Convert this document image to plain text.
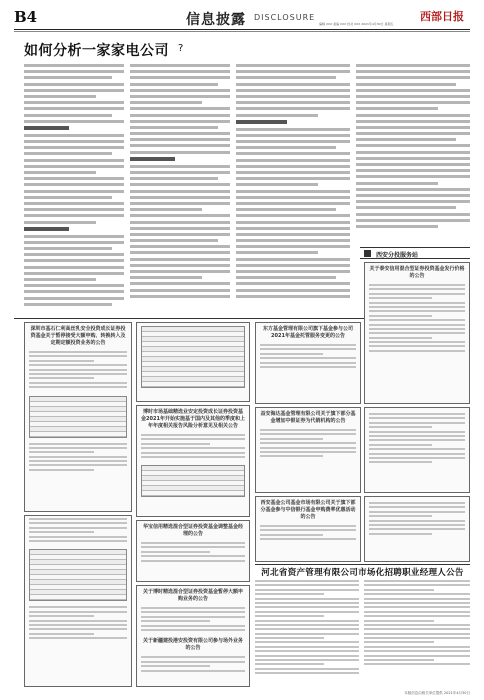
B4	信息披露 DISCLOSURE	西部日报
编辑 XXX 美编 XXX 校对 XXX 2021年4月30日 星期五
如何分析一家家电公司 ?
西安分投服务站
深圳市基石仁利高丝乳安全投资成长证券投资基金关于暂停接受大额申购、转换转入及定期定额投资业务的公告
博时市场基础精选业安定投资成长证券投资基金2021年开始实施基于国内及其他的季度和上年年度相关报告风险分析意见及相关公告
华宝信用精选混合型证券投资基金调整基金经理的公告
关于博时精选混合型证券投资基金暂停大额申购业务的公告
关于新疆建投港安投资有限公司参与场外业务的公告
东方基金管理有限公司旗下基金参与公司2021年基金托管服务变更的公告
关于泰安信用混合型证券投资基金发行价格的公告
益安海达基金管理有限公司关于旗下部分基金增加中银证券为代销机构的公告
西安基金公司基金市场有限公司关于旗下部分基金参与中信银行基金申购费率优惠活动的公告
河北省资产管理有限公司市场化招聘职业经理人公告
本版信息由相关单位提供 2021年4月30日
